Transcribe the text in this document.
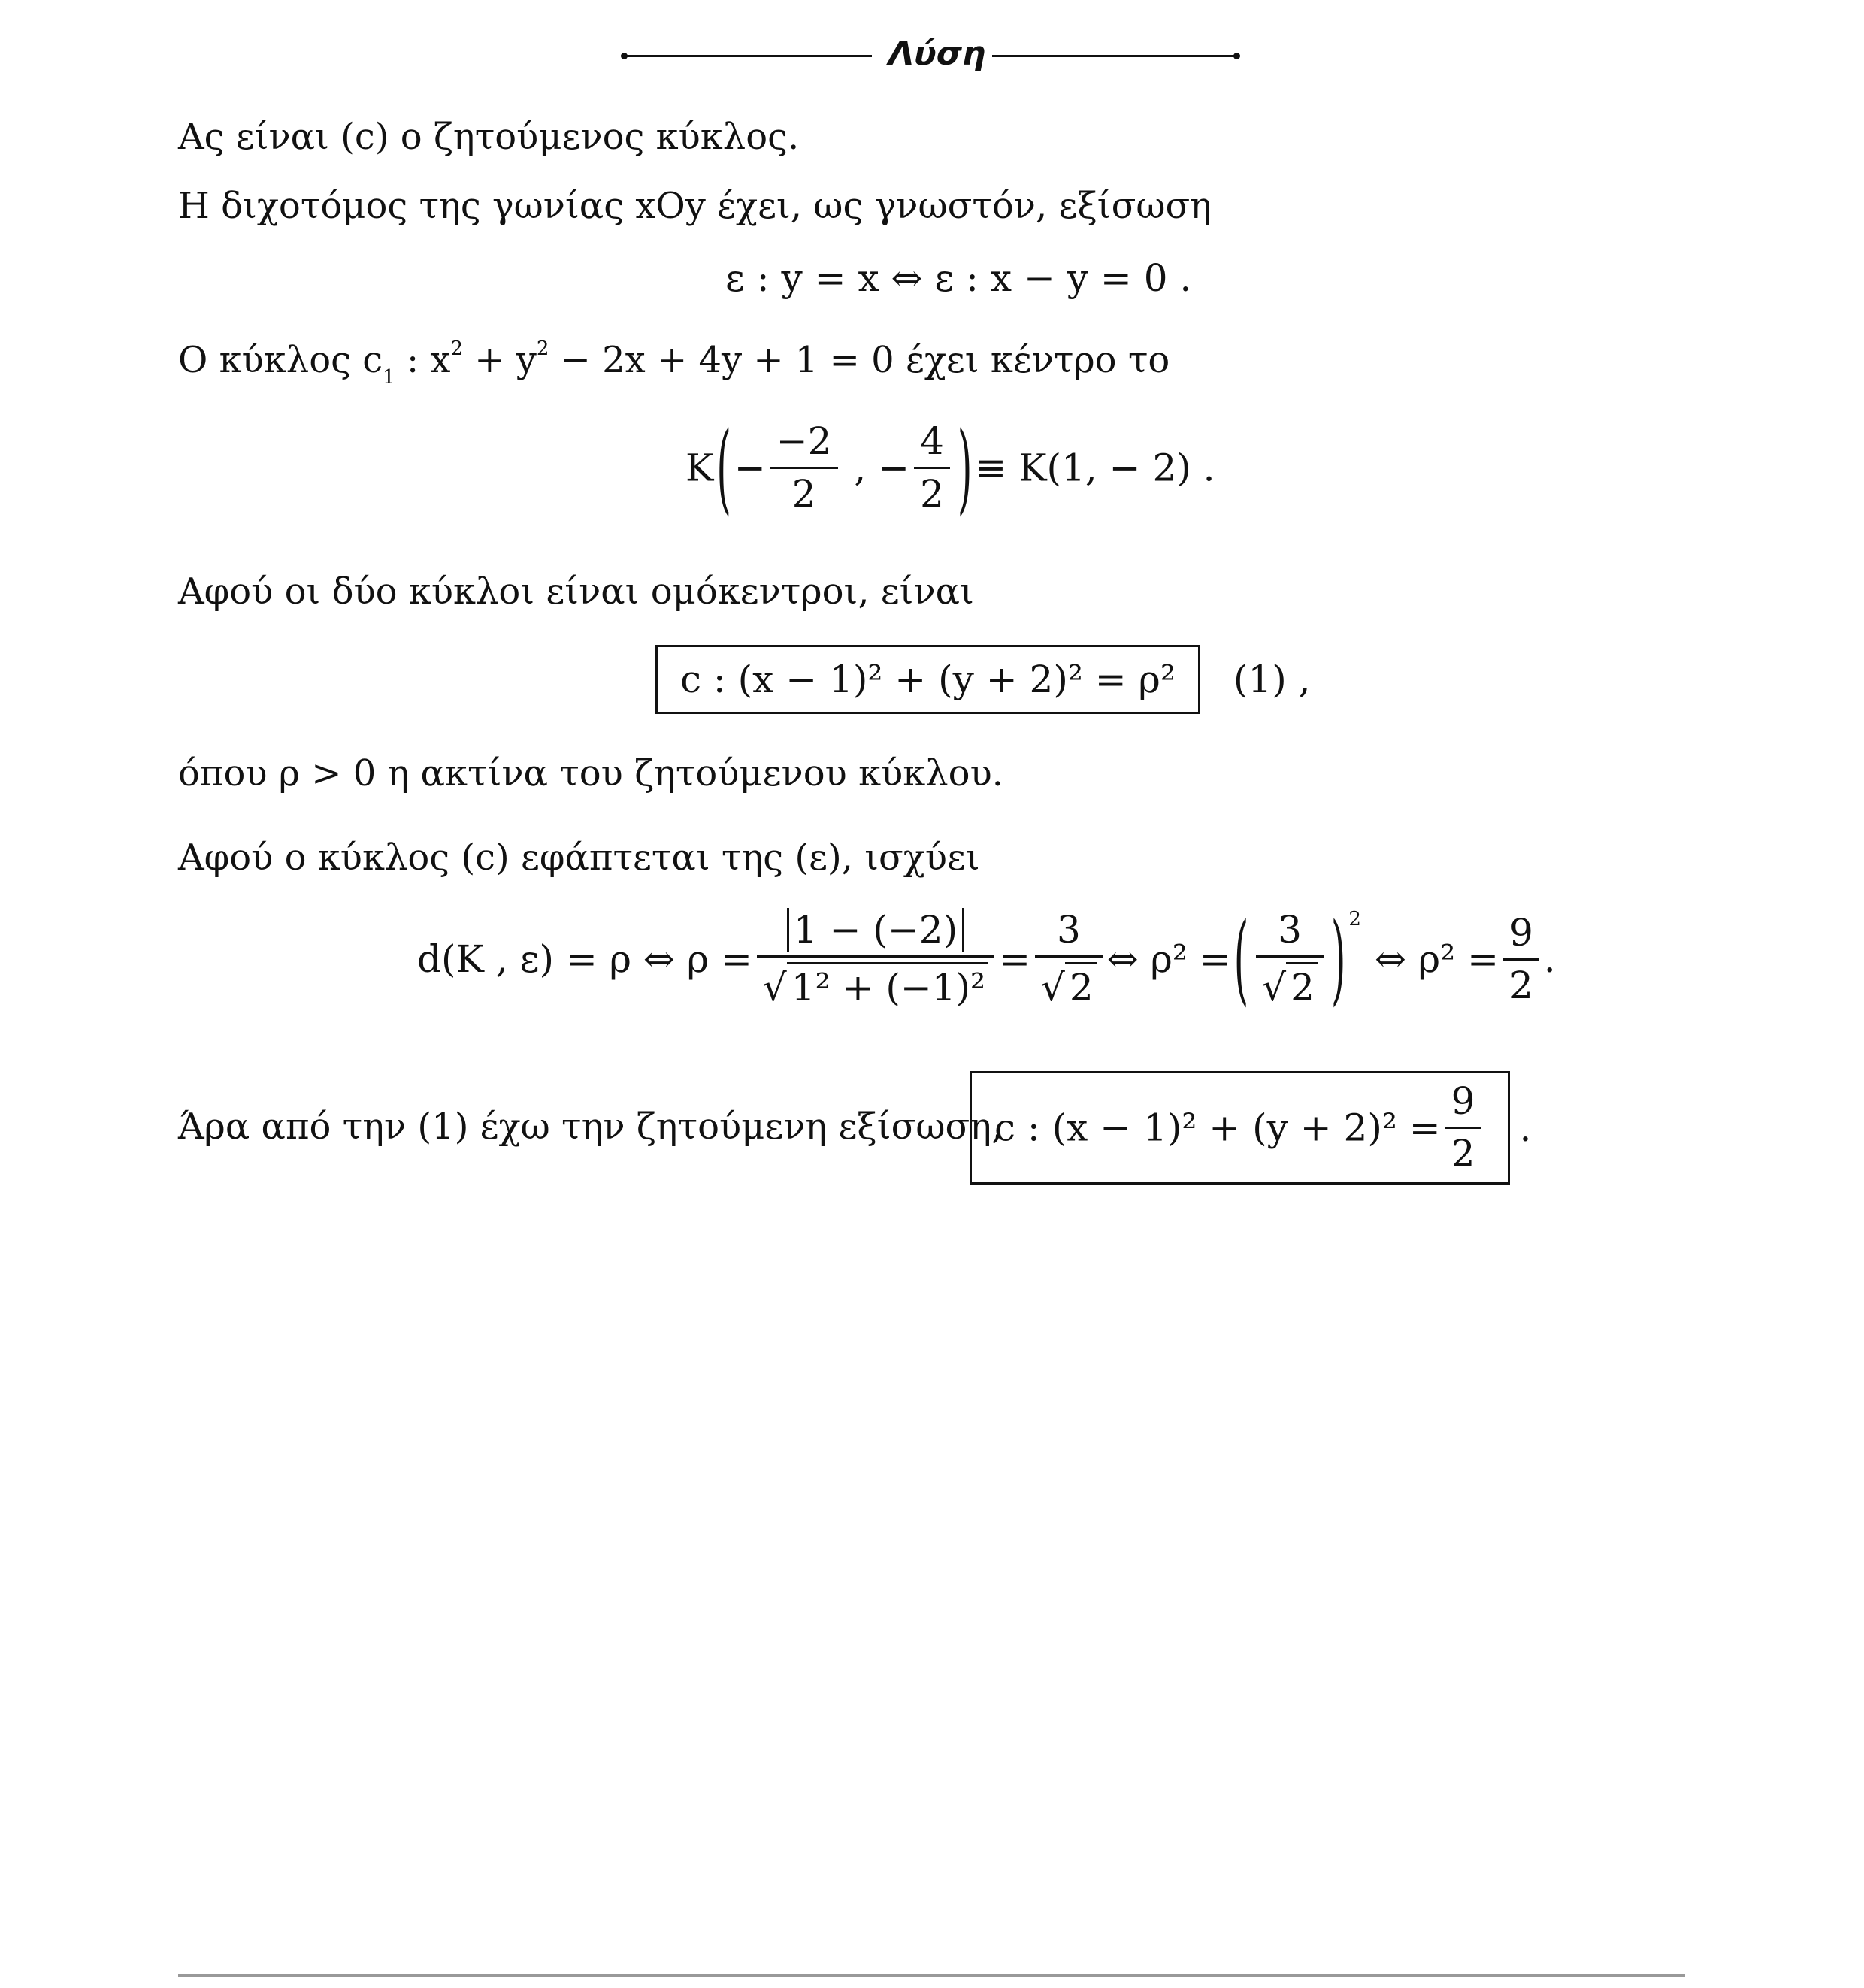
Λύση
Ας είναι (c) ο ζητούμενος κύκλος.
Η διχοτόμος της γωνίας xOy έχει, ως γνωστόν, εξίσωση
ε : y = x ⇔ ε : x − y = 0 .
Ο κύκλος $c_1$ : $x^2 + y^2 - 2x + 4y + 1 = 0$ έχει κέντρο το
$K(- \frac{-2}{2}$ , − $\frac{4}{2}$ )≡ K(1, − 2) .
Αφού οι δύο κύκλοι είναι ομόκεντροι, είναι
c : (x − 1)² + (y + 2)² = ρ² (1) ,
όπου ρ > 0 η ακτίνα του ζητούμενου κύκλου.
Αφού ο κύκλος (c) εφάπτεται της (ε), ισχύει
d(K , ε) = ρ ⇔ $\rho = \frac{1 - (-2)}{\text{√ 1² + (−1)²}} = \frac{3}{√ 2}$ ⇔ ρ² =( $\frac{3}{√ 2}$ ) $^2$⇔ $\rho^2 = \frac{9}{2}$ .
Άρα από την (1) έχω την ζητούμενη εξίσωση,
c : $(x - 1)^2 + (y + 2)^2 = \frac{9}{2}$ .
